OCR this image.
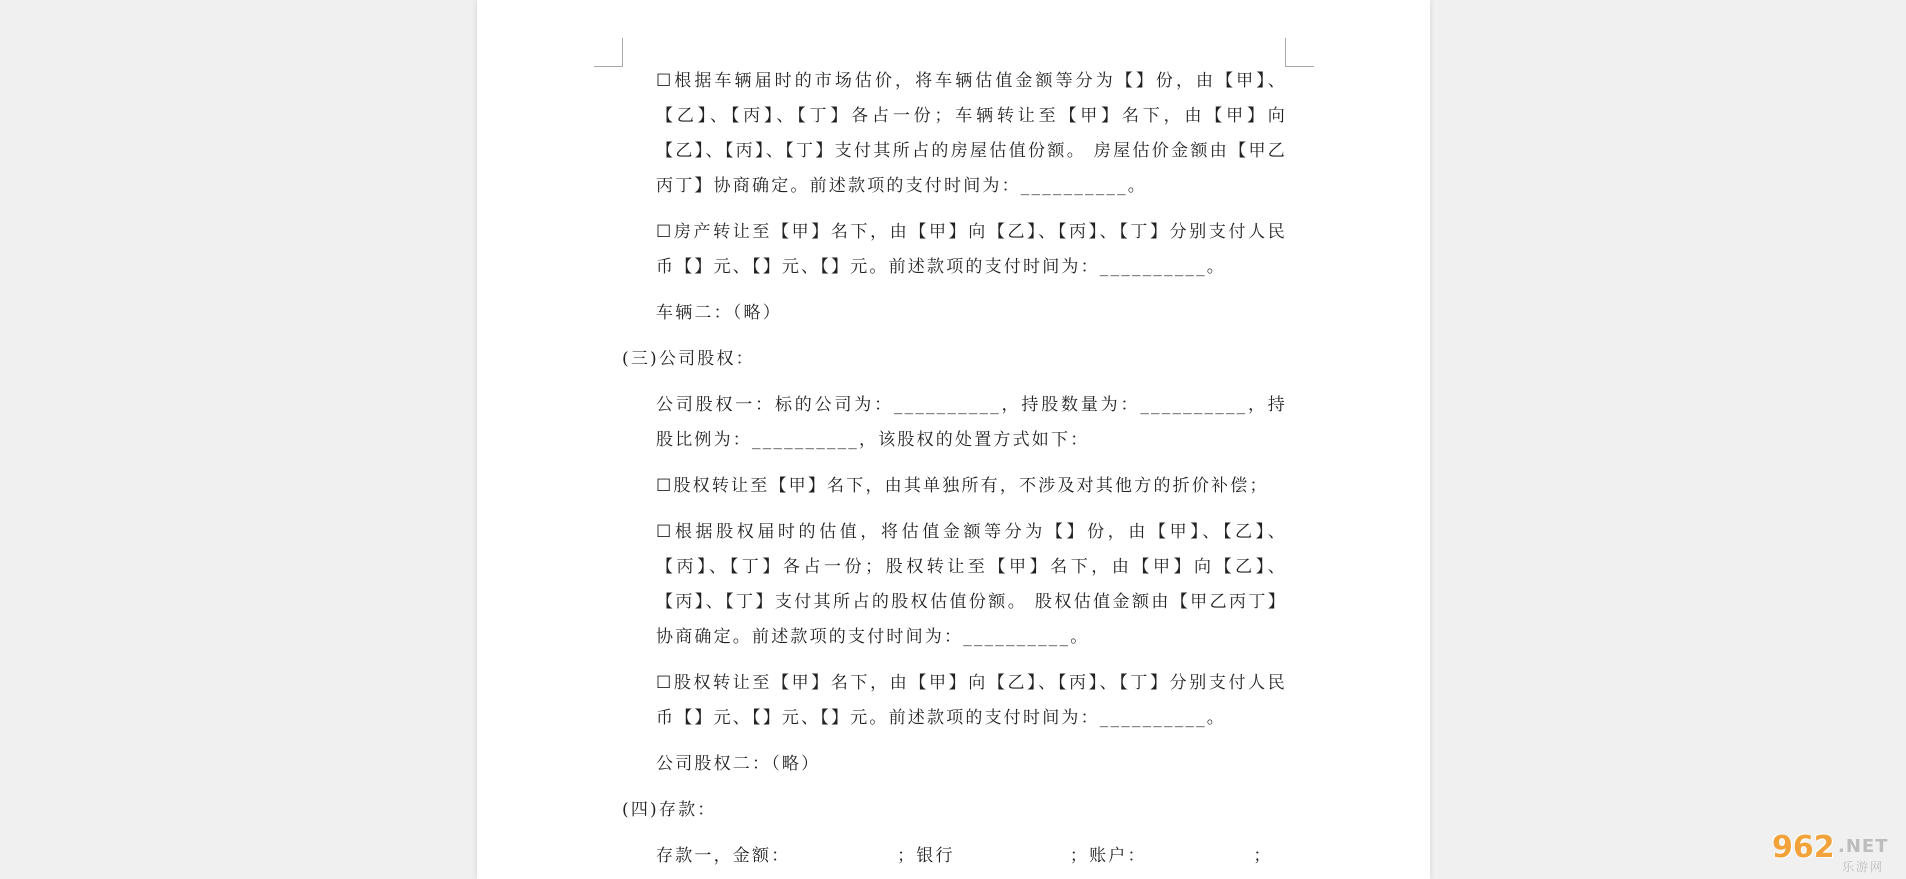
☐根据车辆届时的市场估价，将车辆估值金额等分为【】份，由【甲】、【乙】、【丙】、【丁】各占一份；车辆转让至【甲】名下，由【甲】向【乙】、【丙】、【丁】支付其所占的房屋估值份额。 房屋估价金额由【甲乙丙丁】协商确定。前述款项的支付时间为：__________。

☐房产转让至【甲】名下，由【甲】向【乙】、【丙】、【丁】分别支付人民币【】元、【】元、【】元。前述款项的支付时间为：__________。

车辆二：（略）

(三)公司股权：

公司股权一：标的公司为：__________，持股数量为：__________，持股比例为：__________，该股权的处置方式如下：

☐股权转让至【甲】名下，由其单独所有，不涉及对其他方的折价补偿；

☐根据股权届时的估值，将估值金额等分为【】份，由【甲】、【乙】、【丙】、【丁】各占一份；股权转让至【甲】名下，由【甲】向【乙】、【丙】、【丁】支付其所占的股权估值份额。 股权估值金额由【甲乙丙丁】协商确定。前述款项的支付时间为：__________。

☐股权转让至【甲】名下，由【甲】向【乙】、【丙】、【丁】分别支付人民币【】元、【】元、【】元。前述款项的支付时间为：__________。

公司股权二：（略）

(四)存款：

存款一，金额：　　　　　　；银行　　　　　　；账户：　　　　　　；	962 .NET
乐游网
